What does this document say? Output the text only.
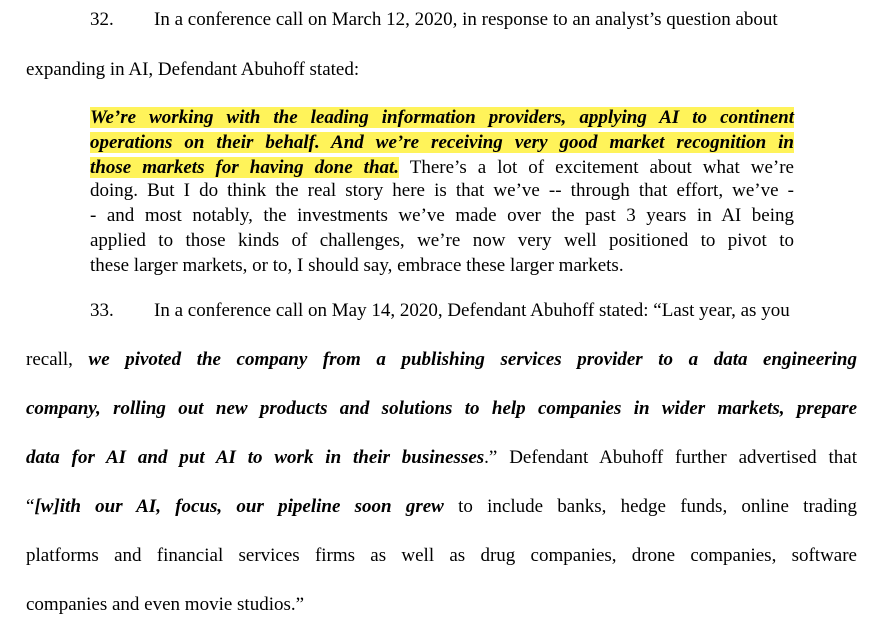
32. In a conference call on March 12, 2020, in response to an analyst’s question about
expanding in AI, Defendant Abuhoff stated:
We’re working with the leading information providers, applying AI to continent
operations on their behalf. And we’re receiving very good market recognition in
those markets for having done that. There’s a lot of excitement about what we’re
doing. But I do think the real story here is that we’ve -- through that effort, we’ve -
- and most notably, the investments we’ve made over the past 3 years in AI being
applied to those kinds of challenges, we’re now very well positioned to pivot to
these larger markets, or to, I should say, embrace these larger markets.
33. In a conference call on May 14, 2020, Defendant Abuhoff stated: “Last year, as you
recall, we pivoted the company from a publishing services provider to a data engineering
company, rolling out new products and solutions to help companies in wider markets, prepare
data for AI and put AI to work in their businesses.” Defendant Abuhoff further advertised that
“[w]ith our AI, focus, our pipeline soon grew to include banks, hedge funds, online trading
platforms and financial services firms as well as drug companies, drone companies, software
companies and even movie studios.”
